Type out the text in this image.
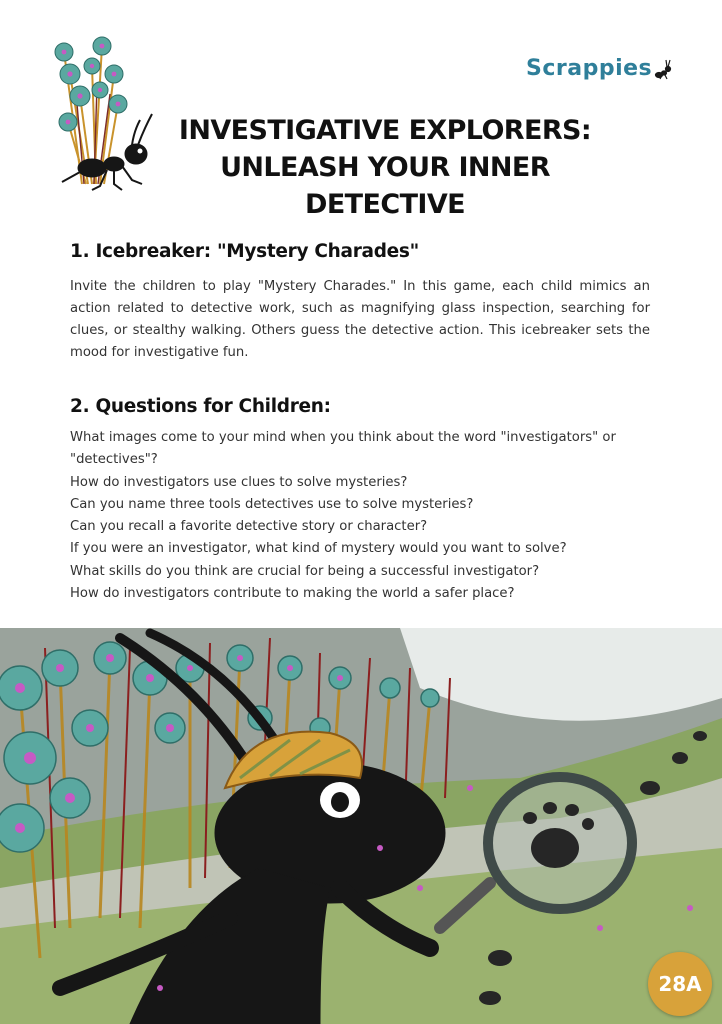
Scrappies
INVESTIGATIVE EXPLORERS:
UNLEASH YOUR INNER DETECTIVE
1. Icebreaker: "Mystery Charades"

Invite the children to play "Mystery Charades." In this game, each child mimics an action related to detective work, such as magnifying glass inspection, searching for clues, or stealthy walking. Others guess the detective action. This icebreaker sets the mood for investigative fun.

2. Questions for Children:
What images come to your mind when you think about the word "investigators" or "detectives"?
How do investigators use clues to solve mysteries?
Can you name three tools detectives use to solve mysteries?
Can you recall a favorite detective story or character?
If you were an investigator, what kind of mystery would you want to solve?
What skills do you think are crucial for being a successful investigator?
How do investigators contribute to making the world a safer place?
28A
